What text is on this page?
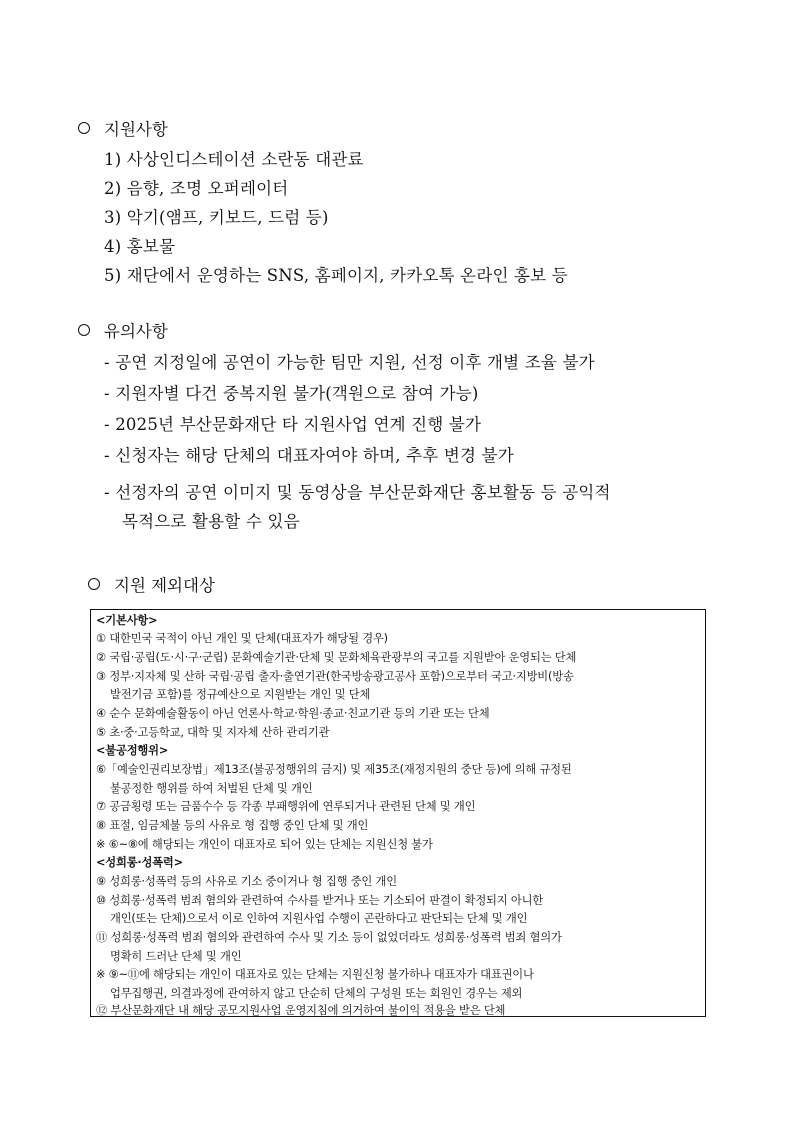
지원사항
1) 사상인디스테이션 소란동 대관료
2) 음향, 조명 오퍼레이터
3) 악기(앰프, 키보드, 드럼 등)
4) 홍보물
5) 재단에서 운영하는 SNS, 홈페이지, 카카오톡 온라인 홍보 등
유의사항
- 공연 지정일에 공연이 가능한 팀만 지원, 선정 이후 개별 조율 불가
- 지원자별 다건 중복지원 불가(객원으로 참여 가능)
- 2025년 부산문화재단 타 지원사업 연계 진행 불가
- 신청자는 해당 단체의 대표자여야 하며, 추후 변경 불가
- 선정자의 공연 이미지 및 동영상을 부산문화재단 홍보활동 등 공익적
목적으로 활용할 수 있음
지원 제외대상
<기본사항>
① 대한민국 국적이 아닌 개인 및 단체(대표자가 해당될 경우)
② 국립·공립(도·시·구·군립) 문화예술기관·단체 및 문화체육관광부의 국고를 지원받아 운영되는 단체
③ 정부·지자체 및 산하 국립·공립 출자·출연기관(한국방송광고공사 포함)으로부터 국고·지방비(방송
발전기금 포함)를 정규예산으로 지원받는 개인 및 단체
④ 순수 문화예술활동이 아닌 언론사·학교·학원·종교·친교기관 등의 기관 또는 단체
⑤ 초·중·고등학교, 대학 및 지자체 산하 관리기관
<불공정행위>
⑥「예술인권리보장법」제13조(불공정행위의 금지) 및 제35조(재정지원의 중단 등)에 의해 규정된
불공정한 행위를 하여 처벌된 단체 및 개인
⑦ 공금횡령 또는 금품수수 등 각종 부패행위에 연루되거나 관련된 단체 및 개인
⑧ 표절, 임금체불 등의 사유로 형 집행 중인 단체 및 개인
※ ⑥~⑧에 해당되는 개인이 대표자로 되어 있는 단체는 지원신청 불가
<성희롱·성폭력>
⑨ 성희롱·성폭력 등의 사유로 기소 중이거나 형 집행 중인 개인
⑩ 성희롱·성폭력 범죄 혐의와 관련하여 수사를 받거나 또는 기소되어 판결이 확정되지 아니한
개인(또는 단체)으로서 이로 인하여 지원사업 수행이 곤란하다고 판단되는 단체 및 개인
⑪ 성희롱·성폭력 범죄 혐의와 관련하여 수사 및 기소 등이 없었더라도 성희롱·성폭력 범죄 혐의가
명확히 드러난 단체 및 개인
※ ⑨~⑪에 해당되는 개인이 대표자로 있는 단체는 지원신청 불가하나 대표자가 대표권이나
업무집행권, 의결과정에 관여하지 않고 단순히 단체의 구성원 또는 회원인 경우는 제외
⑫ 부산문화재단 내 해당 공모지원사업 운영지침에 의거하여 불이익 적용을 받은 단체
